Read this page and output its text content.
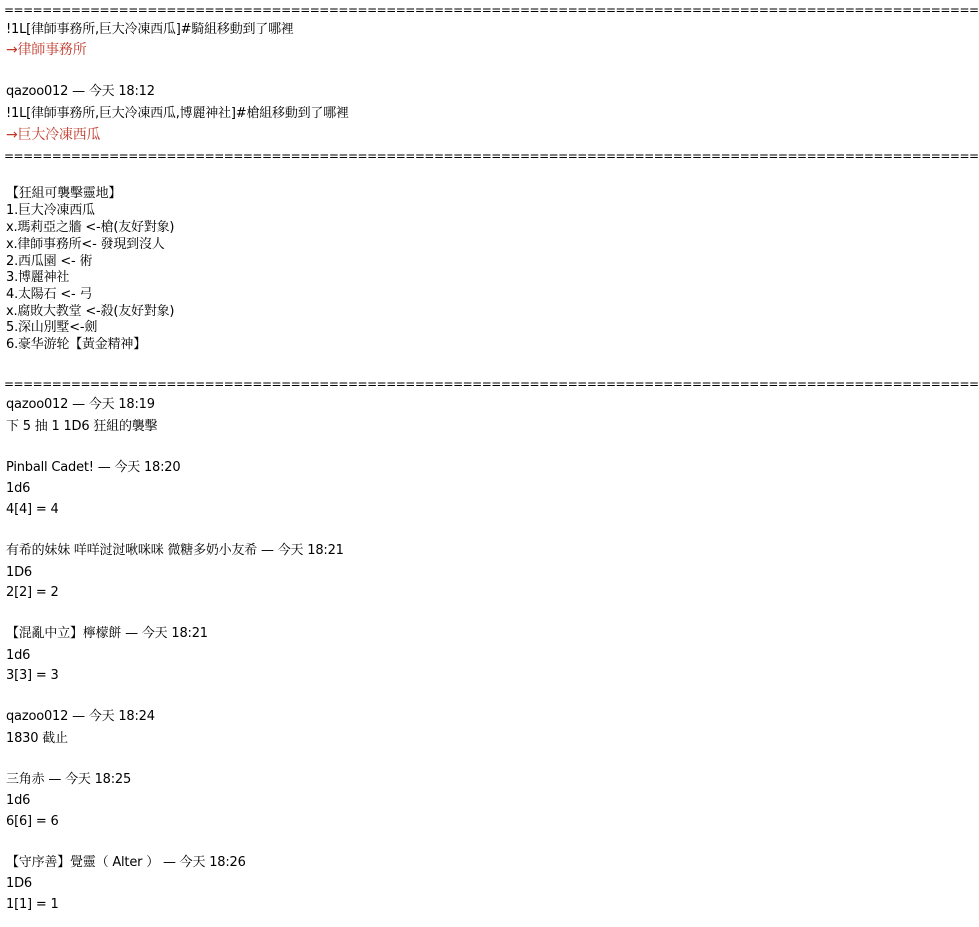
======================================================================================================
!1L[律師事務所,巨大冷凍西瓜]#騎組移動到了哪裡
→律師事務所
qazoo012 — 今天 18:12
!1L[律師事務所,巨大冷凍西瓜,博麗神社]#槍組移動到了哪裡
→巨大冷凍西瓜
======================================================================================================
【狂組可襲擊靈地】
1.巨大冷凍西瓜
x.瑪莉亞之牆 <-槍(友好對象)
x.律師事務所<- 發現到沒人
2.西瓜園 <- 術
3.博麗神社
4.太陽石 <- 弓
x.腐敗大教堂 <-殺(友好對象)
5.深山別墅<-劍
6.豪华游轮【黃金精神】
======================================================================================================
qazoo012 — 今天 18:19
下 5 抽 1 1D6 狂組的襲擊
Pinball Cadet! — 今天 18:20
1d6
4[4] = 4
有希的妹妹 咩咩㳡㳡啾咪咪 微糖多奶小友希 — 今天 18:21
1D6
2[2] = 2
【混亂中立】檸檬餅 — 今天 18:21
1d6
3[3] = 3
qazoo012 — 今天 18:24
1830 截止
三角赤 — 今天 18:25
1d6
6[6] = 6
【守序善】覺靈（ Alter ） — 今天 18:26
1D6
1[1] = 1
